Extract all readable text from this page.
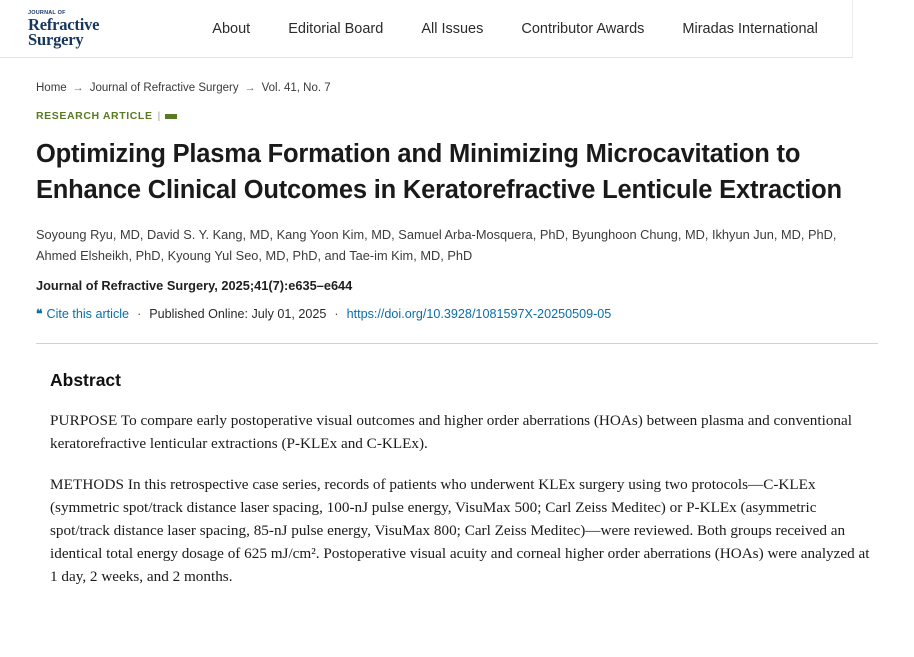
JOURNAL OF
Refractive
Surgery
About	Editorial Board	All Issues	Contributor Awards	Miradas International
Home → Journal of Refractive Surgery → Vol. 41, No. 7
RESEARCH ARTICLE |
Optimizing Plasma Formation and Minimizing Microcavitation to Enhance Clinical Outcomes in Keratorefractive Lenticule Extraction
Soyoung Ryu, MD, David S. Y. Kang, MD, Kang Yoon Kim, MD, Samuel Arba-Mosquera, PhD, Byunghoon Chung, MD, Ikhyun Jun, MD, PhD, Ahmed Elsheikh, PhD, Kyoung Yul Seo, MD, PhD, and Tae-im Kim, MD, PhD
Journal of Refractive Surgery, 2025;41(7):e635–e644
❝ Cite this article · Published Online: July 01, 2025 · https://doi.org/10.3928/1081597X-20250509-05
Abstract

PURPOSE To compare early postoperative visual outcomes and higher order aberrations (HOAs) between plasma and conventional keratorefractive lenticular extractions (P-KLEx and C-KLEx).

METHODS In this retrospective case series, records of patients who underwent KLEx surgery using two protocols—C-KLEx (symmetric spot/track distance laser spacing, 100-nJ pulse energy, VisuMax 500; Carl Zeiss Meditec) or P-KLEx (asymmetric spot/track distance laser spacing, 85-nJ pulse energy, VisuMax 800; Carl Zeiss Meditec)—were reviewed. Both groups received an identical total energy dosage of 625 mJ/cm². Postoperative visual acuity and corneal higher order aberrations (HOAs) were analyzed at 1 day, 2 weeks, and 2 months.
